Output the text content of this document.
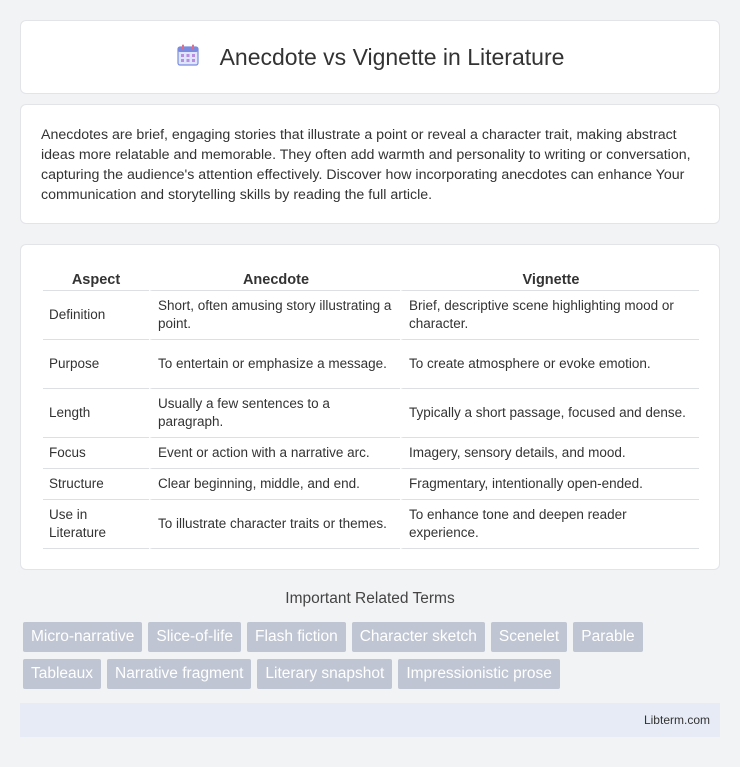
Anecdote vs Vignette in Literature

Anecdotes are brief, engaging stories that illustrate a point or reveal a character trait, making abstract ideas more relatable and memorable. They often add warmth and personality to writing or conversation, capturing the audience's attention effectively. Discover how incorporating anecdotes can enhance Your communication and storytelling skills by reading the full article.

Aspect	Anecdote	Vignette
Definition	Short, often amusing story illustrating a point.	Brief, descriptive scene highlighting mood or character.
Purpose	To entertain or emphasize a message.	To create atmosphere or evoke emotion.
Length	Usually a few sentences to a paragraph.	Typically a short passage, focused and dense.
Focus	Event or action with a narrative arc.	Imagery, sensory details, and mood.
Structure	Clear beginning, middle, and end.	Fragmentary, intentionally open-ended.
Use in Literature	To illustrate character traits or themes.	To enhance tone and deepen reader experience.
Important Related Terms
Micro-narrative	Slice-of-life	Flash fiction	Character sketch	Scenelet	Parable
Tableaux	Narrative fragment	Literary snapshot	Impressionistic prose
Libterm.com
